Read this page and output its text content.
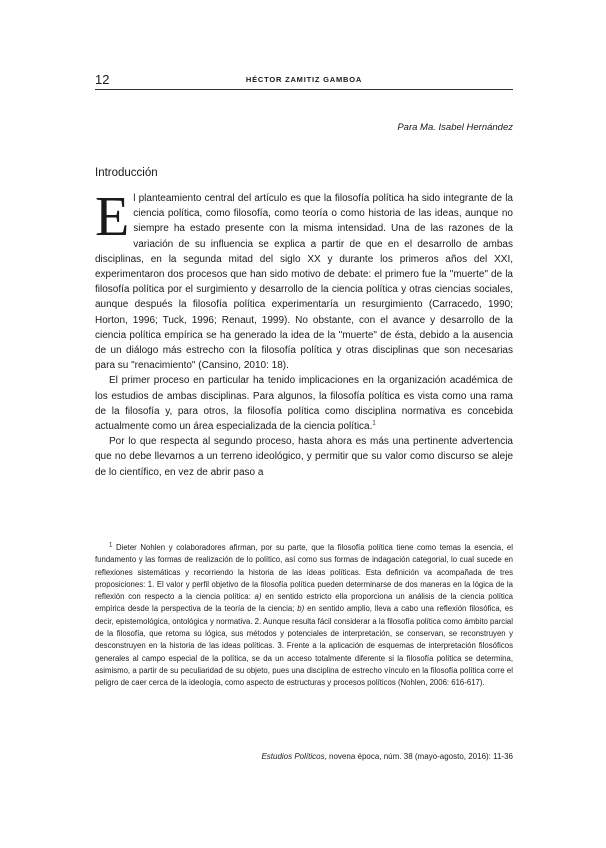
12	HÉCTOR ZAMITIZ GAMBOA
Para Ma. Isabel Hernández
Introducción

El planteamiento central del artículo es que la filosofía política ha sido integrante de la ciencia política, como filosofía, como teoría o como historia de las ideas, aunque no siempre ha estado presente con la misma intensidad. Una de las razones de la variación de su influencia se explica a partir de que en el desarrollo de ambas disciplinas, en la segunda mitad del siglo XX y durante los primeros años del XXI, experimentaron dos procesos que han sido motivo de debate: el primero fue la "muerte" de la filosofía política por el surgimiento y desarrollo de la ciencia política y otras ciencias sociales, aunque después la filosofía política experimentaría un resurgimiento (Carracedo, 1990; Horton, 1996; Tuck, 1996; Renaut, 1999). No obstante, con el avance y desarrollo de la ciencia política empírica se ha generado la idea de la "muerte" de ésta, debido a la ausencia de un diálogo más estrecho con la filosofía política y otras disciplinas que son necesarias para su "renacimiento" (Cansino, 2010: 18).

El primer proceso en particular ha tenido implicaciones en la organización académica de los estudios de ambas disciplinas. Para algunos, la filosofía política es vista como una rama de la filosofía y, para otros, la filosofía política como disciplina normativa es concebida actualmente como un área especializada de la ciencia política.$^1$

Por lo que respecta al segundo proceso, hasta ahora es más una pertinente advertencia que no debe llevarnos a un terreno ideológico, y permitir que su valor como discurso se aleje de lo científico, en vez de abrir paso a

$^1$ Dieter Nohlen y colaboradores afirman, por su parte, que la filosofía política tiene como temas la esencia, el fundamento y las formas de realización de lo político, así como sus formas de indagación categorial, lo cual sucede en reflexiones sistemáticas y recorriendo la historia de las ideas políticas. Esta definición va acompañada de tres proposiciones: 1. El valor y perfil objetivo de la filosofía política pueden determinarse de dos maneras en la lógica de la reflexión con respecto a la ciencia política: a) en sentido estricto ella proporciona un análisis de la ciencia política empírica desde la perspectiva de la teoría de la ciencia; b) en sentido amplio, lleva a cabo una reflexión filosófica, es decir, epistemológica, ontológica y normativa. 2. Aunque resulta fácil considerar a la filosofía política como ámbito parcial de la filosofía, que retoma su lógica, sus métodos y potenciales de interpretación, se conservan, se reconstruyen y desconstruyen en la historia de las ideas políticas. 3. Frente a la aplicación de esquemas de interpretación filosóficos generales al campo especial de la política, se da un acceso totalmente diferente si la filosofía política se determina, asimismo, a partir de su peculiaridad de su objeto, pues una disciplina de estrecho vínculo en la filosofía política corre el peligro de caer cerca de la ideología, como aspecto de estructuras y procesos políticos (Nohlen, 2006: 616-617).

Estudios Políticos, novena época, núm. 38 (mayo-agosto, 2016): 11-36
